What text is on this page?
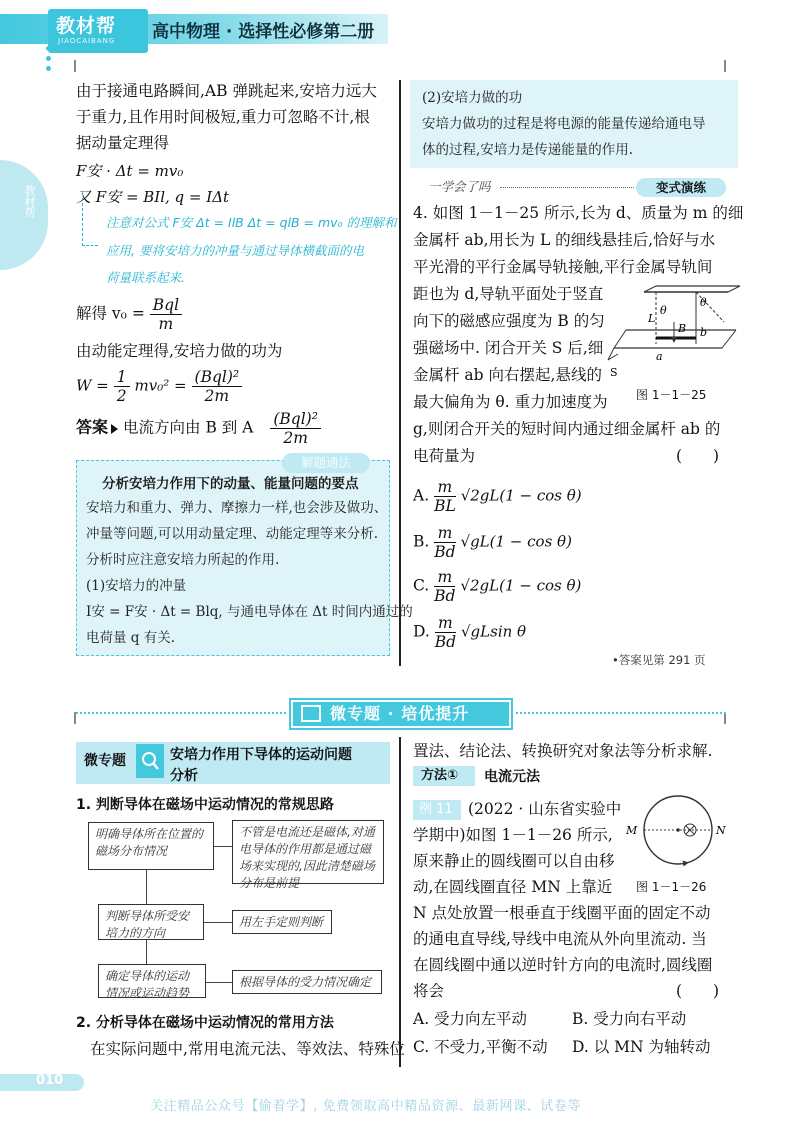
教材帮
JIAOCAIBANG 高中物理 · 选择性必修第二册
教材帮
由于接通电路瞬间,AB 弹跳起来,安培力远大
于重力,且作用时间极短,重力可忽略不计,根
据动量定理得
F安 · Δt = mv₀
又 F安 = BIl, q = IΔt
注意对公式 F安 Δt = IlB Δt = qlB = mv₀ 的理解和
应用, 要将安培力的冲量与通过导体横截面的电
荷量联系起来.
解得 $v_0 = \frac{\text{Bql}}{m}$
由动能定理得,安培力做的功为
$W = \frac{1}{2} mv_0^2 = \frac{\text{(Bql)²}}{2m}$
答案 电流方向由 B 到 A $\frac{\text{(Bql)²}}{2m}$
解题通法
分析安培力作用下的动量、能量问题的要点
安培力和重力、弹力、摩擦力一样,也会涉及做功、
冲量等问题,可以用动量定理、动能定理等来分析.
分析时应注意安培力所起的作用.
(1)安培力的冲量
I安 = F安 · Δt = Blq, 与通电导体在 Δt 时间内通过的
电荷量 q 有关.
(2)安培力做的功
安培力做功的过程是将电源的能量传递给通电导
体的过程,安培力是传递能量的作用.
一学会了吗	变式演练
4. 如图 1－1－25 所示,长为 d、质量为 m 的细
金属杆 ab,用长为 L 的细线悬挂后,恰好与水
平光滑的平行金属导轨接触,平行金属导轨间
距也为 d,导轨平面处于竖直
向下的磁感应强度为 B 的匀
强磁场中. 闭合开关 S 后,细
金属杆 ab 向右摆起,悬线的
最大偏角为 θ. 重力加速度为
g,则闭合开关的短时间内通过细金属杆 ab 的
电荷量为	(　　)
θ
θ
L
B b
a
S
图 1－1－25
A. $\frac{m}{BL} √2gL(1 - \cos \theta)$
B. $\frac{m}{Bd} √gL(1 - \cos \theta)$
C. $\frac{m}{Bd} √2gL(1 - \cos \theta)$
D. $\frac{m}{Bd} √gLsin$ θ
•答案见第 291 页
微专题 · 培优提升
微专题	安培力作用下导体的运动问题
分析
1. 判断导体在磁场中运动情况的常规思路
明确导体所在位置的磁场分布情况
不管是电流还是磁体,对通电导体的作用都是通过磁场来实现的,因此清楚磁场分布是前提
判断导体所受安培力的方向
用左手定则判断
确定导体的运动情况或运动趋势
根据导体的受力情况确定
2. 分析导体在磁场中运动情况的常用方法
在实际问题中,常用电流元法、等效法、特殊位
置法、结论法、转换研究对象法等分析求解.
方法①	电流元法
例 11 (2022 · 山东省实验中
学期中)如图 1－1－26 所示,
原来静止的圆线圈可以自由移
动,在圆线圈直径 MN 上靠近
N 点处放置一根垂直于线圈平面的固定不动
的通电直导线,导线中电流从外向里流动. 当
在圆线圈中通以逆时针方向的电流时,圆线圈
将会	(　　)
M	N
图 1－1－26
A. 受力向左平动	B. 受力向右平动
C. 不受力,平衡不动 D. 以 MN 为轴转动
010
关注精品公众号【偷着学】, 免费领取高中精品资源、最新网课、试卷等
